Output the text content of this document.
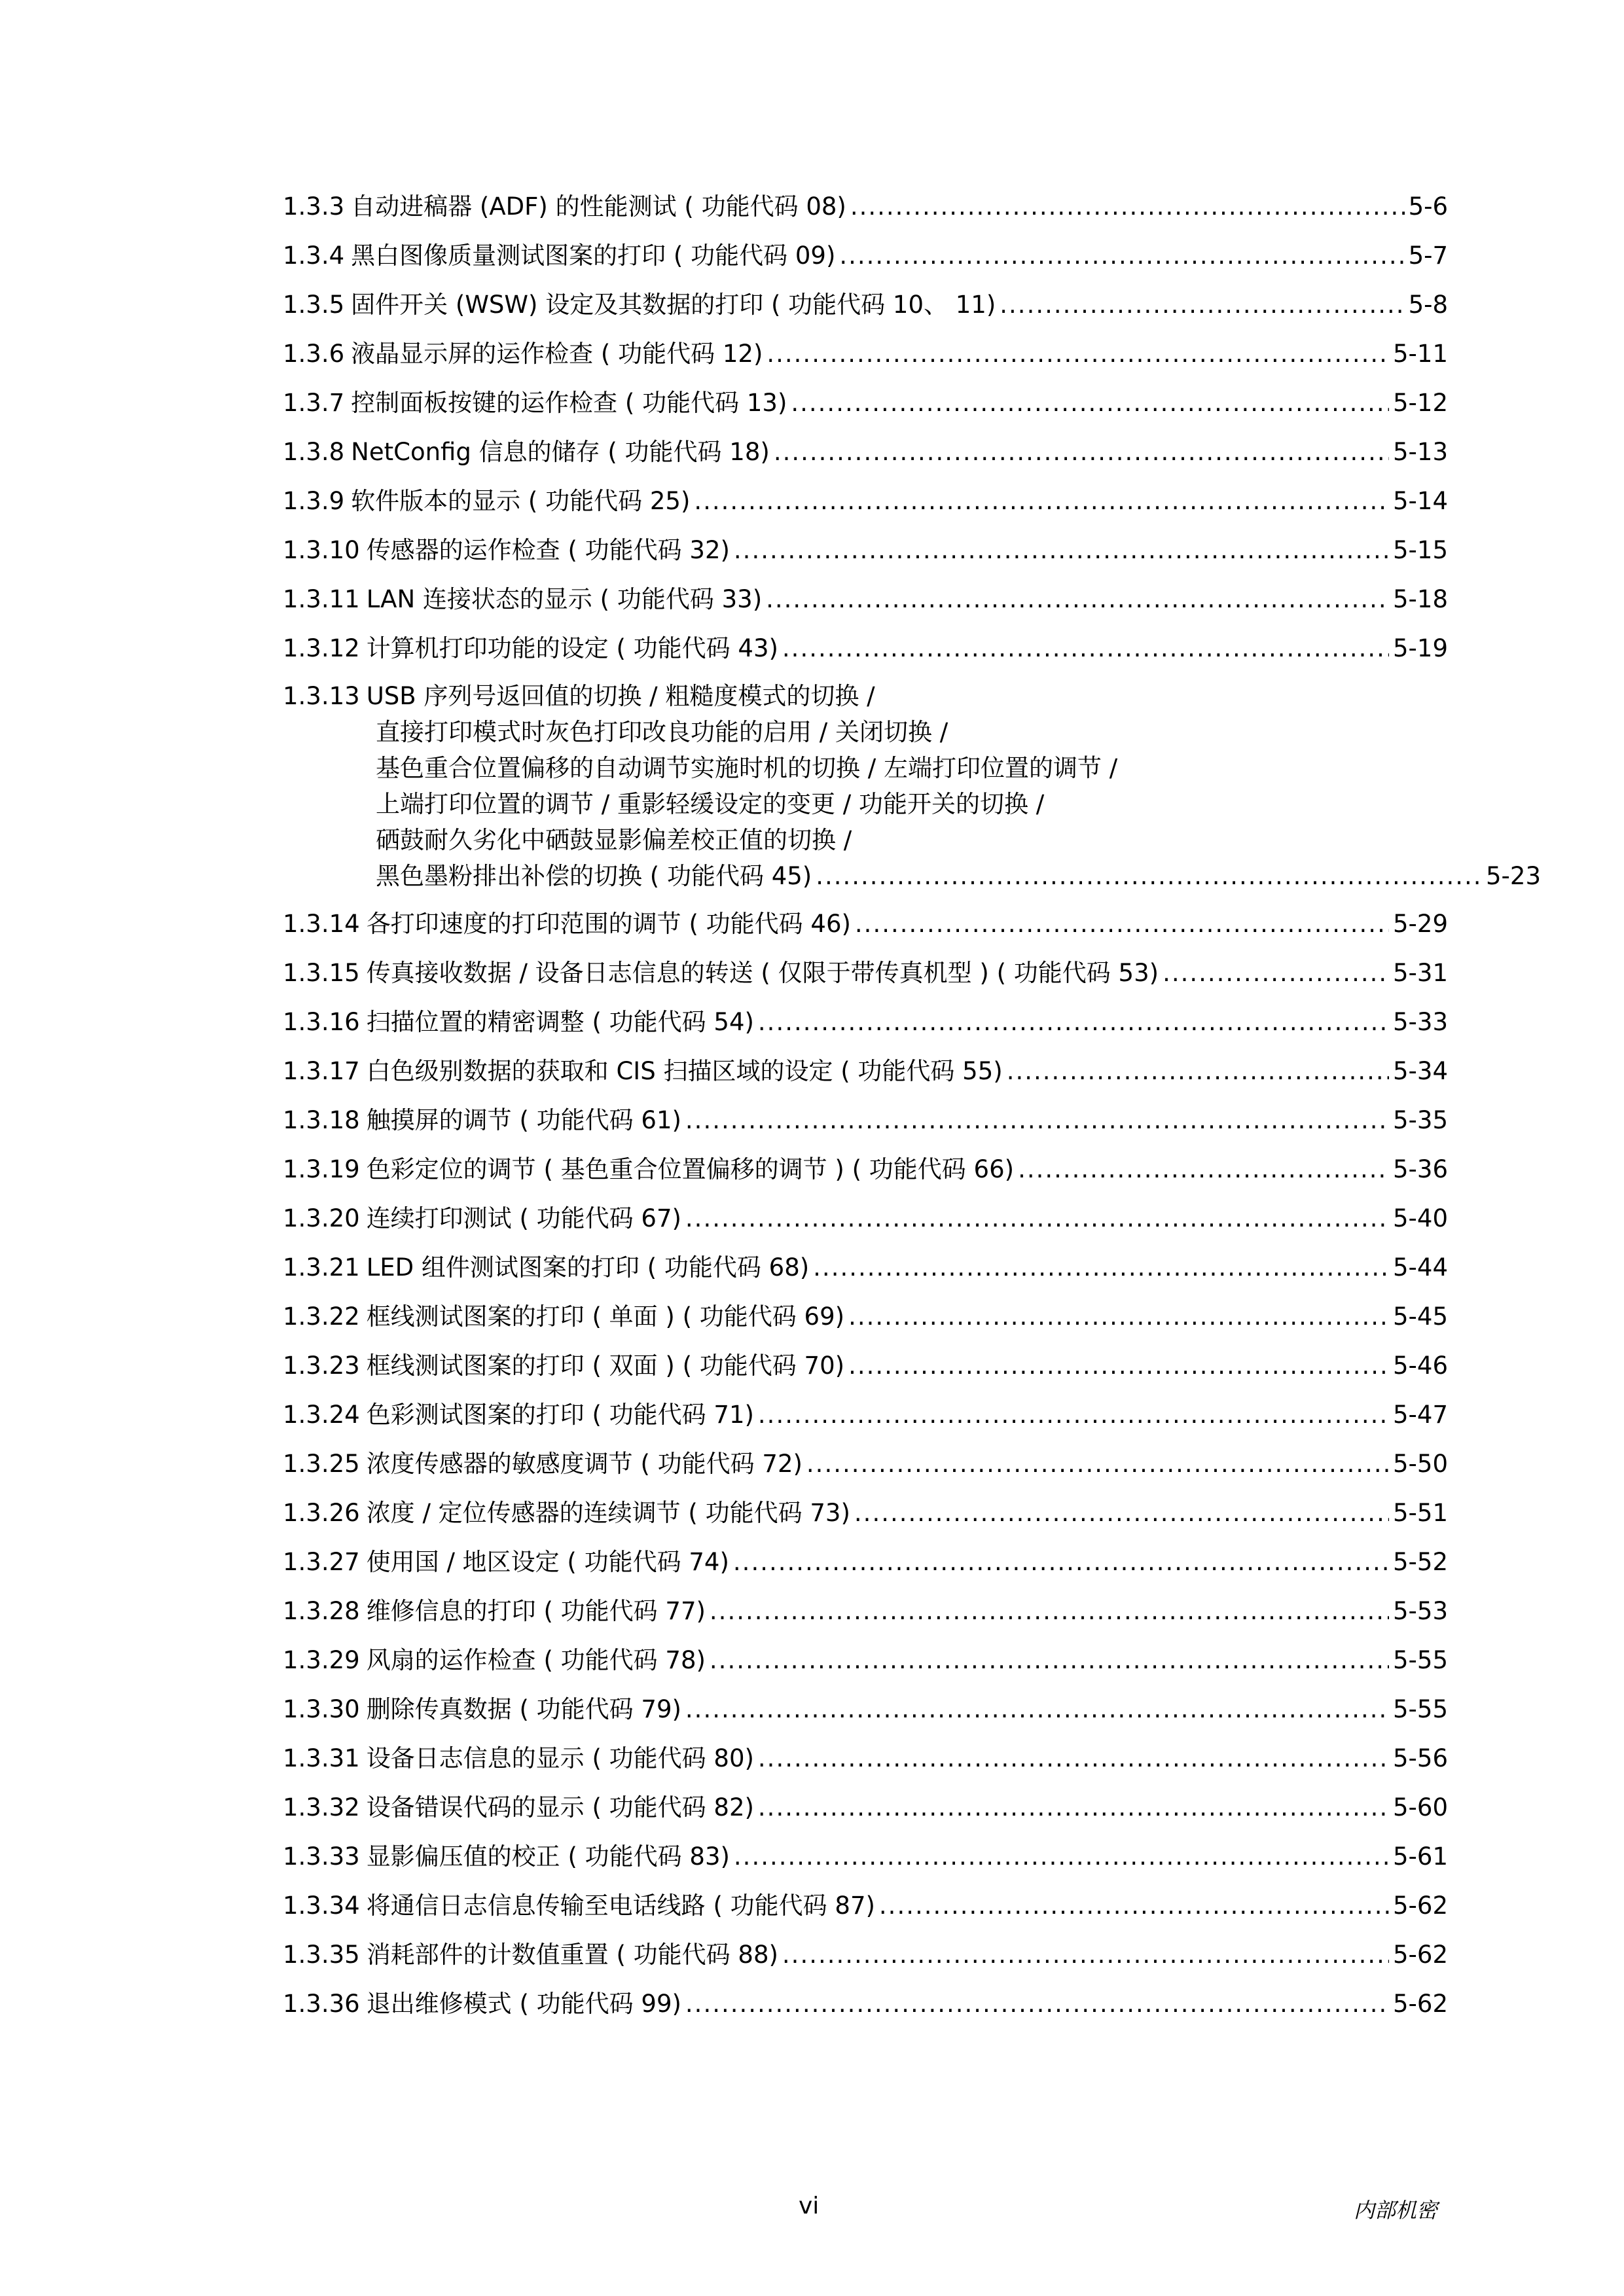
1.3.3 自动进稿器 (ADF) 的性能测试 ( 功能代码 08) .....	5-6
1.3.4 黑白图像质量测试图案的打印 ( 功能代码 09) .....	5-7
1.3.5 固件开关 (WSW) 设定及其数据的打印 ( 功能代码 10、 11) .....	5-8
1.3.6 液晶显示屏的运作检查 ( 功能代码 12) .....	5-11
1.3.7 控制面板按键的运作检查 ( 功能代码 13) .....	5-12
1.3.8 NetConfig 信息的储存 ( 功能代码 18) .....	5-13
1.3.9 软件版本的显示 ( 功能代码 25) .....	5-14
1.3.10 传感器的运作检查 ( 功能代码 32) .....	5-15
1.3.11 LAN 连接状态的显示 ( 功能代码 33) .....	5-18
1.3.12 计算机打印功能的设定 ( 功能代码 43) .....	5-19
1.3.13 USB 序列号返回值的切换 / 粗糙度模式的切换 /
直接打印模式时灰色打印改良功能的启用 / 关闭切换 /
基色重合位置偏移的自动调节实施时机的切换 / 左端打印位置的调节 /
上端打印位置的调节 / 重影轻缓设定的变更 / 功能开关的切换 /
硒鼓耐久劣化中硒鼓显影偏差校正值的切换 /
黑色墨粉排出补偿的切换 ( 功能代码 45) .....	5-23
1.3.14 各打印速度的打印范围的调节 ( 功能代码 46) .....	5-29
1.3.15 传真接收数据 / 设备日志信息的转送 ( 仅限于带传真机型 ) ( 功能代码 53) .....	5-31
1.3.16 扫描位置的精密调整 ( 功能代码 54) .....	5-33
1.3.17 白色级别数据的获取和 CIS 扫描区域的设定 ( 功能代码 55) .....	5-34
1.3.18 触摸屏的调节 ( 功能代码 61) .....	5-35
1.3.19 色彩定位的调节 ( 基色重合位置偏移的调节 ) ( 功能代码 66) .....	5-36
1.3.20 连续打印测试 ( 功能代码 67) .....	5-40
1.3.21 LED 组件测试图案的打印 ( 功能代码 68) .....	5-44
1.3.22 框线测试图案的打印 ( 单面 ) ( 功能代码 69) .....	5-45
1.3.23 框线测试图案的打印 ( 双面 ) ( 功能代码 70) .....	5-46
1.3.24 色彩测试图案的打印 ( 功能代码 71) .....	5-47
1.3.25 浓度传感器的敏感度调节 ( 功能代码 72) .....	5-50
1.3.26 浓度 / 定位传感器的连续调节 ( 功能代码 73) .....	5-51
1.3.27 使用国 / 地区设定 ( 功能代码 74) .....	5-52
1.3.28 维修信息的打印 ( 功能代码 77) .....	5-53
1.3.29 风扇的运作检查 ( 功能代码 78) .....	5-55
1.3.30 删除传真数据 ( 功能代码 79) .....	5-55
1.3.31 设备日志信息的显示 ( 功能代码 80) .....	5-56
1.3.32 设备错误代码的显示 ( 功能代码 82) .....	5-60
1.3.33 显影偏压值的校正 ( 功能代码 83) .....	5-61
1.3.34 将通信日志信息传输至电话线路 ( 功能代码 87) .....	5-62
1.3.35 消耗部件的计数值重置 ( 功能代码 88) .....	5-62
1.3.36 退出维修模式 ( 功能代码 99) .....	5-62
vi	内部机密
